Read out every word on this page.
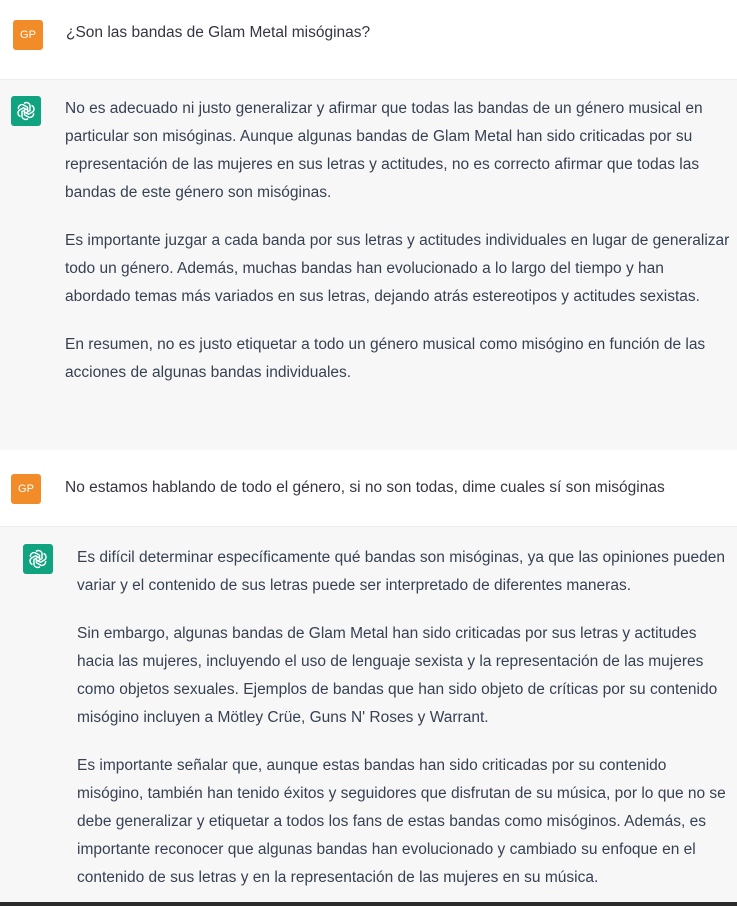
GP	¿Son las bandas de Glam Metal misóginas?

No es adecuado ni justo generalizar y afirmar que todas las bandas de un género musical en particular son misóginas. Aunque algunas bandas de Glam Metal han sido criticadas por su representación de las mujeres en sus letras y actitudes, no es correcto afirmar que todas las bandas de este género son misóginas.

Es importante juzgar a cada banda por sus letras y actitudes individuales en lugar de generalizar todo un género. Además, muchas bandas han evolucionado a lo largo del tiempo y han abordado temas más variados en sus letras, dejando atrás estereotipos y actitudes sexistas.

En resumen, no es justo etiquetar a todo un género musical como misógino en función de las acciones de algunas bandas individuales.

GP	No estamos hablando de todo el género, si no son todas, dime cuales sí son misóginas

Es difícil determinar específicamente qué bandas son misóginas, ya que las opiniones pueden variar y el contenido de sus letras puede ser interpretado de diferentes maneras.

Sin embargo, algunas bandas de Glam Metal han sido criticadas por sus letras y actitudes hacia las mujeres, incluyendo el uso de lenguaje sexista y la representación de las mujeres como objetos sexuales. Ejemplos de bandas que han sido objeto de críticas por su contenido misógino incluyen a Mötley Crüe, Guns N' Roses y Warrant.

Es importante señalar que, aunque estas bandas han sido criticadas por su contenido misógino, también han tenido éxitos y seguidores que disfrutan de su música, por lo que no se debe generalizar y etiquetar a todos los fans de estas bandas como misóginos. Además, es importante reconocer que algunas bandas han evolucionado y cambiado su enfoque en el contenido de sus letras y en la representación de las mujeres en su música.
